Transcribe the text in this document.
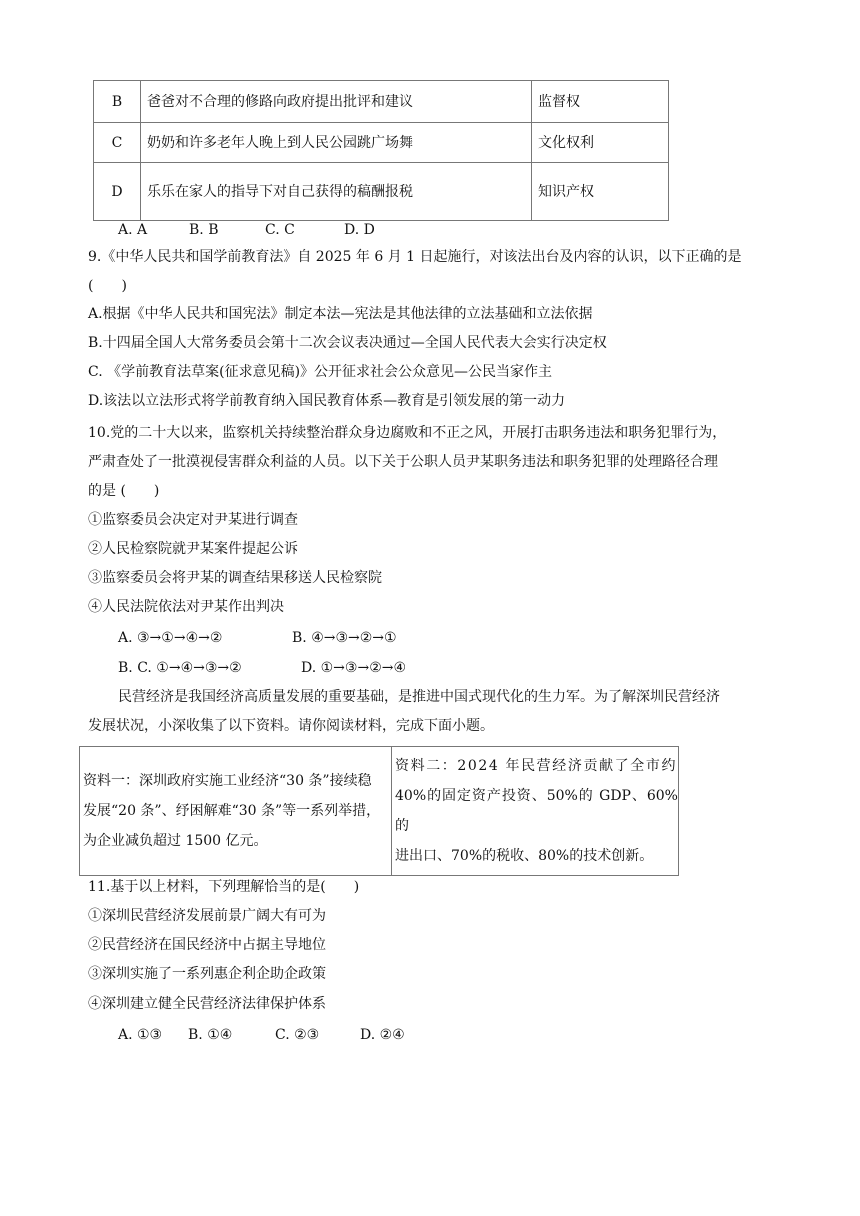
B	爸爸对不合理的修路向政府提出批评和建议	监督权
C	奶奶和许多老年人晚上到人民公园跳广场舞	文化权利
D	乐乐在家人的指导下对自己获得的稿酬报税	知识产权
A. A	B. B	C. C	D. D
9.《中华人民共和国学前教育法》自 2025 年 6 月 1 日起施行，对该法出台及内容的认识，以下正确的是
(　　)
A.根据《中华人民共和国宪法》制定本法—宪法是其他法律的立法基础和立法依据
B.十四届全国人大常务委员会第十二次会议表决通过—全国人民代表大会实行决定权
C. 《学前教育法草案(征求意见稿)》公开征求社会公众意见—公民当家作主
D.该法以立法形式将学前教育纳入国民教育体系—教育是引领发展的第一动力
10.党的二十大以来，监察机关持续整治群众身边腐败和不正之风，开展打击职务违法和职务犯罪行为，
严肃查处了一批漠视侵害群众利益的人员。以下关于公职人员尹某职务违法和职务犯罪的处理路径合理
的是 (　　)
①监察委员会决定对尹某进行调查
②人民检察院就尹某案件提起公诉
③监察委员会将尹某的调查结果移送人民检察院
④人民法院依法对尹某作出判决
A. ③→①→④→②	B. ④→③→②→①
B. C. ①→④→③→②	D. ①→③→②→④
民营经济是我国经济高质量发展的重要基础，是推进中国式现代化的生力军。为了解深圳民营经济
发展状况，小深收集了以下资料。请你阅读材料，完成下面小题。
资料一：深圳政府实施工业经济“30 条”接续稳
发展“20 条”、纾困解难“30 条”等一系列举措，
为企业减负超过 1500 亿元。

资料二：2024 年民营经济贡献了全市约
40%的固定资产投资、50%的 GDP、60%的
进出口、70%的税收、80%的技术创新。
11.基于以上材料，下列理解恰当的是(　　)
①深圳民营经济发展前景广阔大有可为
②民营经济在国民经济中占据主导地位
③深圳实施了一系列惠企利企助企政策
④深圳建立健全民营经济法律保护体系
A. ①③ B. ①④	C. ②③	D. ②④
